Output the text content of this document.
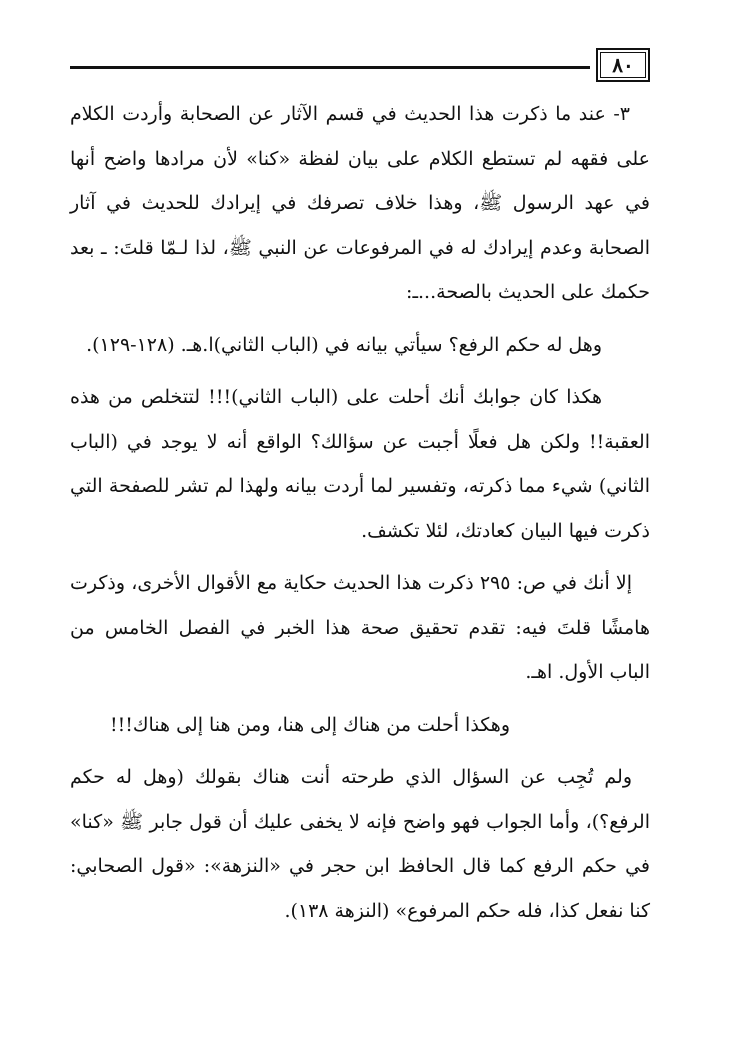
٨٠

٣- عند ما ذكرت هذا الحديث في قسم الآثار عن الصحابة وأردت الكلام على فقهه لم تستطع الكلام على بيان لفظة «كنا» لأن مرادها واضح أنها في عهد الرسول ﷺ، وهذا خلاف تصرفك في إيرادك للحديث في آثار الصحابة وعدم إيرادك له في المرفوعات عن النبي ﷺ، لذا لـمّا قلتَ: ـ بعد حكمك على الحديث بالصحة...ـ:

وهل له حكم الرفع؟ سيأتي بيانه في (الباب الثاني)ا.هـ. (١٢٨-١٢٩).

هكذا كان جوابك أنك أحلت على (الباب الثاني)!!! لتتخلص من هذه العقبة!! ولكن هل فعلًا أجبت عن سؤالك؟ الواقع أنه لا يوجد في (الباب الثاني) شيء مما ذكرته، وتفسير لما أردت بيانه ولهذا لم تشر للصفحة التي ذكرت فيها البيان كعادتك، لئلا تكشف.

إلا أنك في ص: ٢٩٥ ذكرت هذا الحديث حكاية مع الأقوال الأخرى، وذكرت هامشًا قلتَ فيه: تقدم تحقيق صحة هذا الخبر في الفصل الخامس من الباب الأول. اهـ.

وهكذا أحلت من هناك إلى هنا، ومن هنا إلى هناك!!!

ولم تُجِب عن السؤال الذي طرحته أنت هناك بقولك (وهل له حكم الرفع؟)، وأما الجواب فهو واضح فإنه لا يخفى عليك أن قول جابر ﷺ «كنا» في حكم الرفع كما قال الحافظ ابن حجر في «النزهة»: «قول الصحابي: كنا نفعل كذا، فله حكم المرفوع» (النزهة ١٣٨).
